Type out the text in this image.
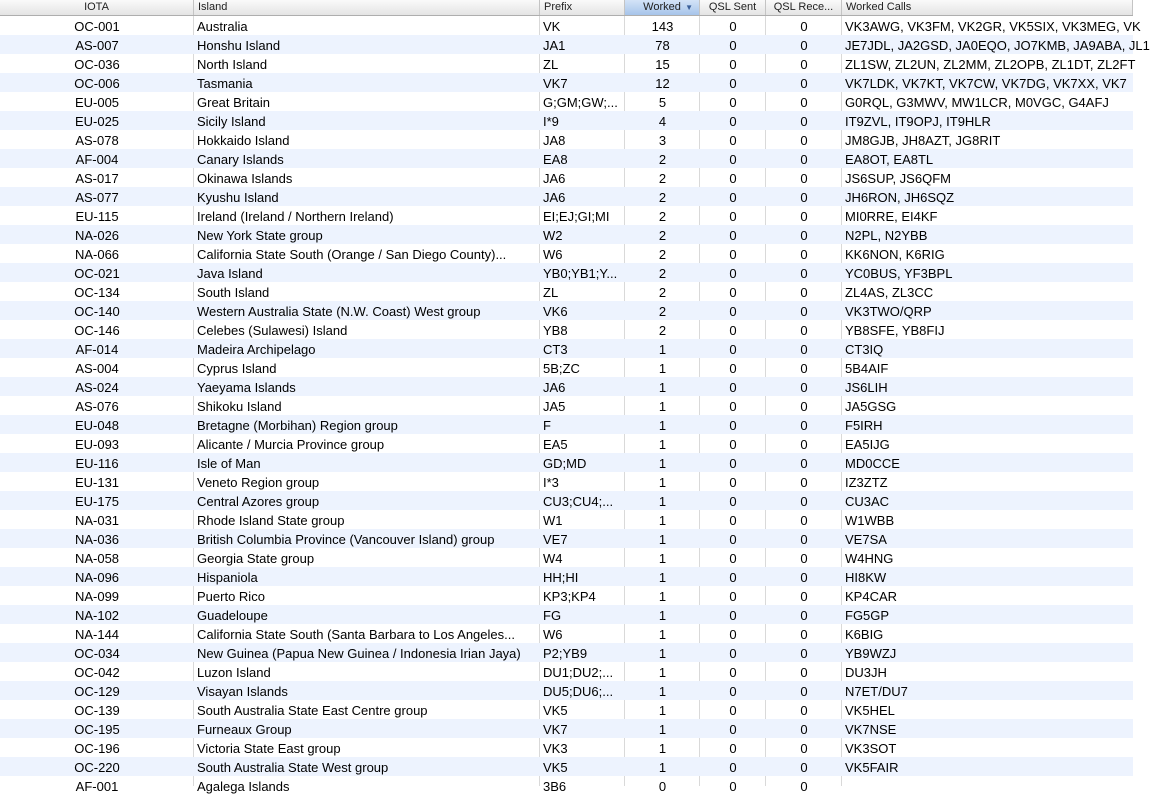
IOTA	Island	Prefix	Worked ▼	QSL Sent	QSL Rece...	Worked Calls
OC-001	Australia	VK	143	0	0	VK3AWG, VK3FM, VK2GR, VK5SIX, VK3MEG, VK
AS-007	Honshu Island	JA1	78	0	0	JE7JDL, JA2GSD, JA0EQO, JO7KMB, JA9ABA, JL1
OC-036	North Island	ZL	15	0	0	ZL1SW, ZL2UN, ZL2MM, ZL2OPB, ZL1DT, ZL2FT
OC-006	Tasmania	VK7	12	0	0	VK7LDK, VK7KT, VK7CW, VK7DG, VK7XX, VK7
EU-005	Great Britain	G;GM;GW;...	5	0	0	G0RQL, G3MWV, MW1LCR, M0VGC, G4AFJ
EU-025	Sicily Island	I*9	4	0	0	IT9ZVL, IT9OPJ, IT9HLR
AS-078	Hokkaido Island	JA8	3	0	0	JM8GJB, JH8AZT, JG8RIT
AF-004	Canary Islands	EA8	2	0	0	EA8OT, EA8TL
AS-017	Okinawa Islands	JA6	2	0	0	JS6SUP, JS6QFM
AS-077	Kyushu Island	JA6	2	0	0	JH6RON, JH6SQZ
EU-115	Ireland (Ireland / Northern Ireland)	EI;EJ;GI;MI	2	0	0	MI0RRE, EI4KF
NA-026	New York State group	W2	2	0	0	N2PL, N2YBB
NA-066	California State South (Orange / San Diego County)...	W6	2	0	0	KK6NON, K6RIG
OC-021	Java Island	YB0;YB1;Y...	2	0	0	YC0BUS, YF3BPL
OC-134	South Island	ZL	2	0	0	ZL4AS, ZL3CC
OC-140	Western Australia State (N.W. Coast) West group	VK6	2	0	0	VK3TWO/QRP
OC-146	Celebes (Sulawesi) Island	YB8	2	0	0	YB8SFE, YB8FIJ
AF-014	Madeira Archipelago	CT3	1	0	0	CT3IQ
AS-004	Cyprus Island	5B;ZC	1	0	0	5B4AIF
AS-024	Yaeyama Islands	JA6	1	0	0	JS6LIH
AS-076	Shikoku Island	JA5	1	0	0	JA5GSG
EU-048	Bretagne (Morbihan) Region group	F	1	0	0	F5IRH
EU-093	Alicante / Murcia Province group	EA5	1	0	0	EA5IJG
EU-116	Isle of Man	GD;MD	1	0	0	MD0CCE
EU-131	Veneto Region group	I*3	1	0	0	IZ3ZTZ
EU-175	Central Azores group	CU3;CU4;...	1	0	0	CU3AC
NA-031	Rhode Island State group	W1	1	0	0	W1WBB
NA-036	British Columbia Province (Vancouver Island) group	VE7	1	0	0	VE7SA
NA-058	Georgia State group	W4	1	0	0	W4HNG
NA-096	Hispaniola	HH;HI	1	0	0	HI8KW
NA-099	Puerto Rico	KP3;KP4	1	0	0	KP4CAR
NA-102	Guadeloupe	FG	1	0	0	FG5GP
NA-144	California State South (Santa Barbara to Los Angeles...	W6	1	0	0	K6BIG
OC-034	New Guinea (Papua New Guinea / Indonesia Irian Jaya)	P2;YB9	1	0	0	YB9WZJ
OC-042	Luzon Island	DU1;DU2;...	1	0	0	DU3JH
OC-129	Visayan Islands	DU5;DU6;...	1	0	0	N7ET/DU7
OC-139	South Australia State East Centre group	VK5	1	0	0	VK5HEL
OC-195	Furneaux Group	VK7	1	0	0	VK7NSE
OC-196	Victoria State East group	VK3	1	0	0	VK3SOT
OC-220	South Australia State West group	VK5	1	0	0	VK5FAIR
AF-001	Agalega Islands	3B6	0	0	0
